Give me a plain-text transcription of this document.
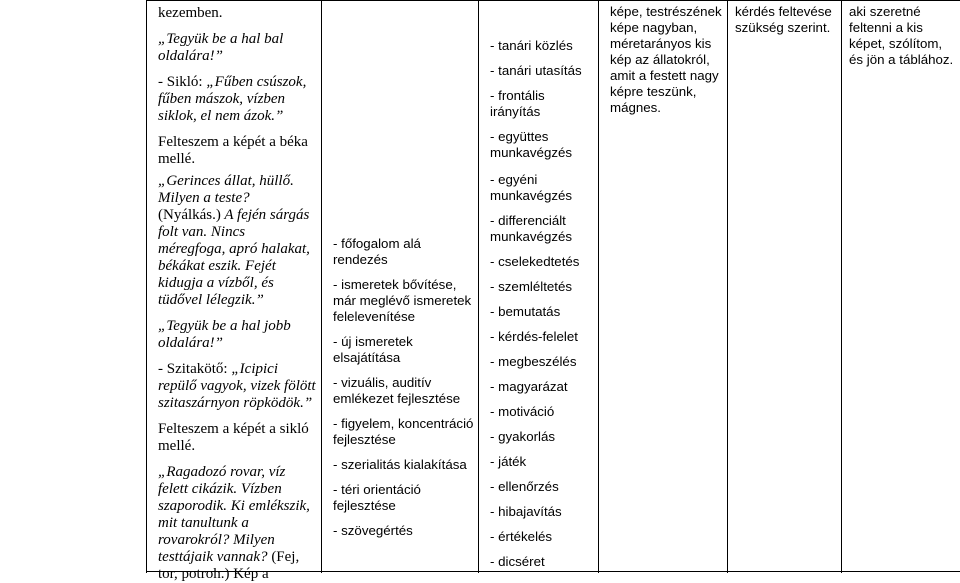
kezemben.

„Tegyük be a hal bal oldalára!”

- Sikló: „Fűben csúszok, fűben mászok, vízben siklok, el nem ázok.”

Felteszem a képét a béka mellé.

„Gerinces állat, hüllő. Milyen a teste? (Nyálkás.) A fején sárgás folt van. Nincs méregfoga, apró halakat, békákat eszik. Fejét kidugja a vízből, és tüdővel lélegzik.”

„Tegyük be a hal jobb oldalára!”

- Szitakötő: „Icipici repülő vagyok, vizek fölött szitaszárnyon röpködök.”

Felteszem a képét a sikló mellé.

„Ragadozó rovar, víz felett cikázik. Vízben szaporodik. Ki emlékszik, mit tanultunk a rovarokról? Milyen testtájaik vannak? (Fej, tor, potroh.) Kép a

- főfogalom alá rendezés

- ismeretek bővítése, már meglévő ismeretek felelevenítése

- új ismeretek elsajátítása

- vizuális, auditív emlékezet fejlesztése

- figyelem, koncentráció fejlesztése

- szerialitás kialakítása

- téri orientáció fejlesztése

- szövegértés

- tanári közlés

- tanári utasítás

- frontális irányítás

- együttes munkavégzés

- egyéni munkavégzés

- differenciált munkavégzés

- cselekedtetés

- szemléltetés

- bemutatás

- kérdés-felelet

- megbeszélés

- magyarázat

- motiváció

- gyakorlás

- játék

- ellenőrzés

- hibajavítás

- értékelés

- dicséret

képe, testrészének képe nagyban, méretarányos kis kép az állatokról, amit a festett nagy képre teszünk, mágnes.

kérdés feltevése szükség szerint.

aki szeretné feltenni a kis képet, szólítom, és jön a táblához.
